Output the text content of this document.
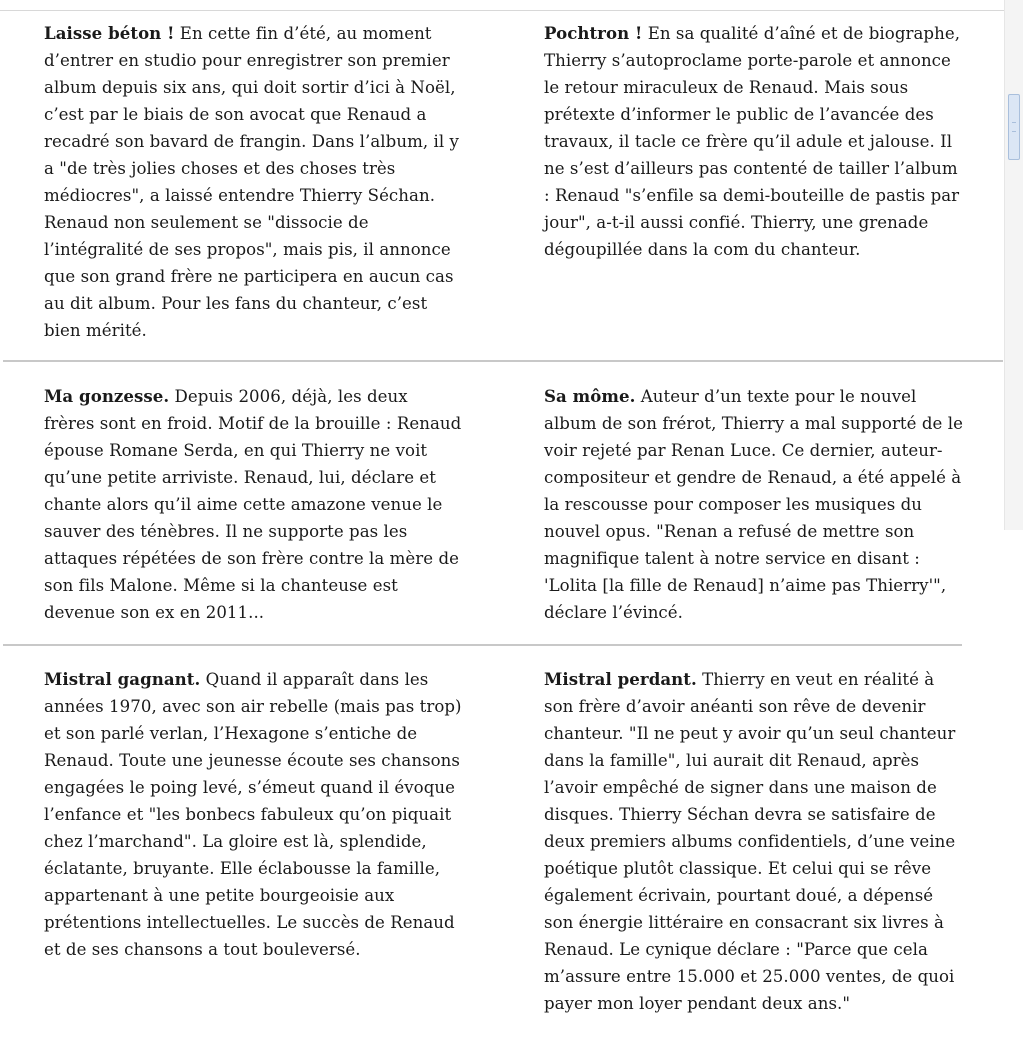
Laisse béton ! En cette fin d’été, au moment d’entrer en studio pour enregistrer son premier album depuis six ans, qui doit sortir d’ici à Noël, c’est par le biais de son avocat que Renaud a recadré son bavard de frangin. Dans l’album, il y a "de très jolies choses et des choses très médiocres", a laissé entendre Thierry Séchan. Renaud non seulement se "dissocie de l’intégralité de ses propos", mais pis, il annonce que son grand frère ne participera en aucun cas au dit album. Pour les fans du chanteur, c’est bien mérité.
Pochtron ! En sa qualité d’aîné et de biographe, Thierry s’autoproclame porte-parole et annonce le retour miraculeux de Renaud. Mais sous prétexte d’informer le public de l’avancée des travaux, il tacle ce frère qu’il adule et jalouse. Il ne s’est d’ailleurs pas contenté de tailler l’album : Renaud "s’enfile sa demi-bouteille de pastis par jour", a-t-il aussi confié. Thierry, une grenade dégoupillée dans la com du chanteur.
Ma gonzesse. Depuis 2006, déjà, les deux frères sont en froid. Motif de la brouille : Renaud épouse Romane Serda, en qui Thierry ne voit qu’une petite arriviste. Renaud, lui, déclare et chante alors qu’il aime cette amazone venue le sauver des ténèbres. Il ne supporte pas les attaques répétées de son frère contre la mère de son fils Malone. Même si la chanteuse est devenue son ex en 2011...
Sa môme. Auteur d’un texte pour le nouvel album de son frérot, Thierry a mal supporté de le voir rejeté par Renan Luce. Ce dernier, auteur-compositeur et gendre de Renaud, a été appelé à la rescousse pour composer les musiques du nouvel opus. "Renan a refusé de mettre son magnifique talent à notre service en disant : 'Lolita [la fille de Renaud] n’aime pas Thierry'", déclare l’évincé.
Mistral gagnant. Quand il apparaît dans les années 1970, avec son air rebelle (mais pas trop) et son parlé verlan, l’Hexagone s’entiche de Renaud. Toute une jeunesse écoute ses chansons engagées le poing levé, s’émeut quand il évoque l’enfance et "les bonbecs fabuleux qu’on piquait chez l’marchand". La gloire est là, splendide, éclatante, bruyante. Elle éclabousse la famille, appartenant à une petite bourgeoisie aux prétentions intellectuelles. Le succès de Renaud et de ses chansons a tout bouleversé.
Mistral perdant. Thierry en veut en réalité à son frère d’avoir anéanti son rêve de devenir chanteur. "Il ne peut y avoir qu’un seul chanteur dans la famille", lui aurait dit Renaud, après l’avoir empêché de signer dans une maison de disques. Thierry Séchan devra se satisfaire de deux premiers albums confidentiels, d’une veine poétique plutôt classique. Et celui qui se rêve également écrivain, pourtant doué, a dépensé son énergie littéraire en consacrant six livres à Renaud. Le cynique déclare : "Parce que cela m’assure entre 15.000 et 25.000 ventes, de quoi payer mon loyer pendant deux ans."
